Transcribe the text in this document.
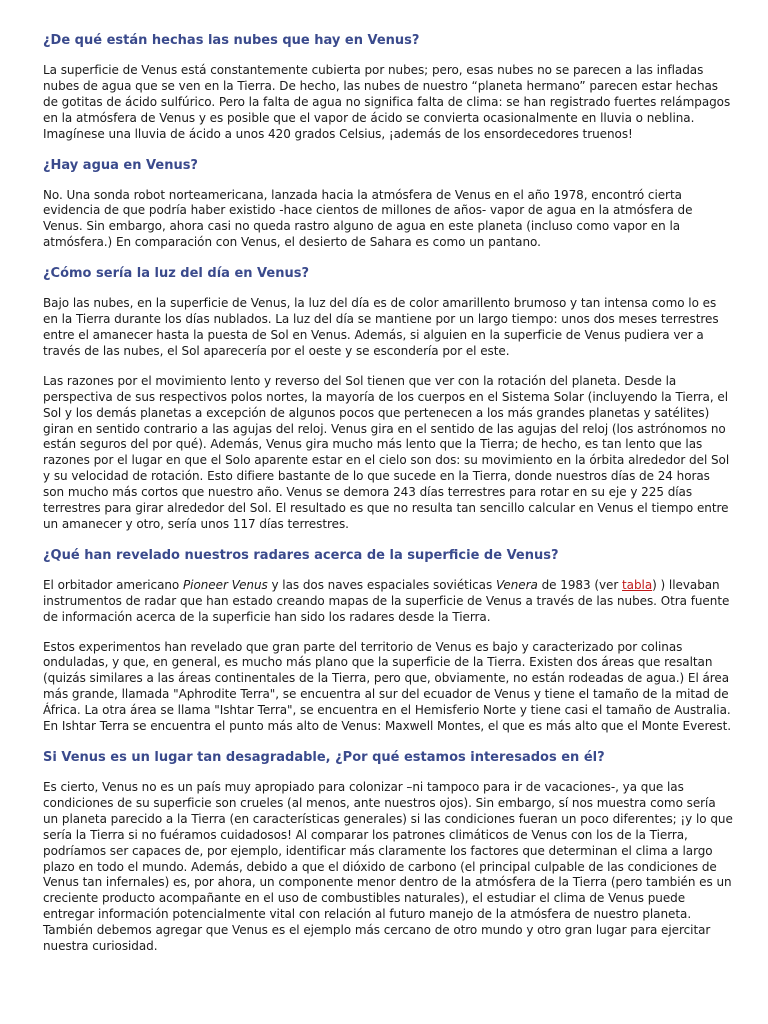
¿De qué están hechas las nubes que hay en Venus?
La superficie de Venus está constantemente cubierta por nubes; pero, esas nubes no se parecen a las infladas nubes de agua que se ven en la Tierra. De hecho, las nubes de nuestro “planeta hermano” parecen estar hechas de gotitas de ácido sulfúrico. Pero la falta de agua no significa falta de clima: se han registrado fuertes relámpagos en la atmósfera de Venus y es posible que el vapor de ácido se convierta ocasionalmente en lluvia o neblina. Imagínese una lluvia de ácido a unos 420 grados Celsius, ¡además de los ensordecedores truenos!
¿Hay agua en Venus?
No. Una sonda robot norteamericana, lanzada hacia la atmósfera de Venus en el año 1978, encontró cierta evidencia de que podría haber existido -hace cientos de millones de años- vapor de agua en la atmósfera de Venus. Sin embargo, ahora casi no queda rastro alguno de agua en este planeta (incluso como vapor en la atmósfera.) En comparación con Venus, el desierto de Sahara es como un pantano.
¿Cómo sería la luz del día en Venus?
Bajo las nubes, en la superficie de Venus, la luz del día es de color amarillento brumoso y tan intensa como lo es en la Tierra durante los días nublados. La luz del día se mantiene por un largo tiempo: unos dos meses terrestres entre el amanecer hasta la puesta de Sol en Venus. Además, si alguien en la superficie de Venus pudiera ver a través de las nubes, el Sol aparecería por el oeste y se escondería por el este.
Las razones por el movimiento lento y reverso del Sol tienen que ver con la rotación del planeta. Desde la perspectiva de sus respectivos polos nortes, la mayoría de los cuerpos en el Sistema Solar (incluyendo la Tierra, el Sol y los demás planetas a excepción de algunos pocos que pertenecen a los más grandes planetas y satélites) giran en sentido contrario a las agujas del reloj. Venus gira en el sentido de las agujas del reloj (los astrónomos no están seguros del por qué). Además, Venus gira mucho más lento que la Tierra; de hecho, es tan lento que las razones por el lugar en que el Solo aparente estar en el cielo son dos: su movimiento en la órbita alrededor del Sol y su velocidad de rotación. Esto difiere bastante de lo que sucede en la Tierra, donde nuestros días de 24 horas son mucho más cortos que nuestro año. Venus se demora 243 días terrestres para rotar en su eje y 225 días terrestres para girar alrededor del Sol. El resultado es que no resulta tan sencillo calcular en Venus el tiempo entre un amanecer y otro, sería unos 117 días terrestres.
¿Qué han revelado nuestros radares acerca de la superficie de Venus?
El orbitador americano Pioneer Venus y las dos naves espaciales soviéticas Venera de 1983 (ver tabla) ) llevaban instrumentos de radar que han estado creando mapas de la superficie de Venus a través de las nubes. Otra fuente de información acerca de la superficie han sido los radares desde la Tierra.
Estos experimentos han revelado que gran parte del territorio de Venus es bajo y caracterizado por colinas onduladas, y que, en general, es mucho más plano que la superficie de la Tierra. Existen dos áreas que resaltan (quizás similares a las áreas continentales de la Tierra, pero que, obviamente, no están rodeadas de agua.) El área más grande, llamada "Aphrodite Terra", se encuentra al sur del ecuador de Venus y tiene el tamaño de la mitad de África. La otra área se llama "Ishtar Terra", se encuentra en el Hemisferio Norte y tiene casi el tamaño de Australia. En Ishtar Terra se encuentra el punto más alto de Venus: Maxwell Montes, el que es más alto que el Monte Everest.
Si Venus es un lugar tan desagradable, ¿Por qué estamos interesados en él?
Es cierto, Venus no es un país muy apropiado para colonizar –ni tampoco para ir de vacaciones-, ya que las condiciones de su superficie son crueles (al menos, ante nuestros ojos). Sin embargo, sí nos muestra como sería un planeta parecido a la Tierra (en características generales) si las condiciones fueran un poco diferentes; ¡y lo que sería la Tierra si no fuéramos cuidadosos! Al comparar los patrones climáticos de Venus con los de la Tierra, podríamos ser capaces de, por ejemplo, identificar más claramente los factores que determinan el clima a largo plazo en todo el mundo. Además, debido a que el dióxido de carbono (el principal culpable de las condiciones de Venus tan infernales) es, por ahora, un componente menor dentro de la atmósfera de la Tierra (pero también es un creciente producto acompañante en el uso de combustibles naturales), el estudiar el clima de Venus puede entregar información potencialmente vital con relación al futuro manejo de la atmósfera de nuestro planeta. También debemos agregar que Venus es el ejemplo más cercano de otro mundo y otro gran lugar para ejercitar nuestra curiosidad.
